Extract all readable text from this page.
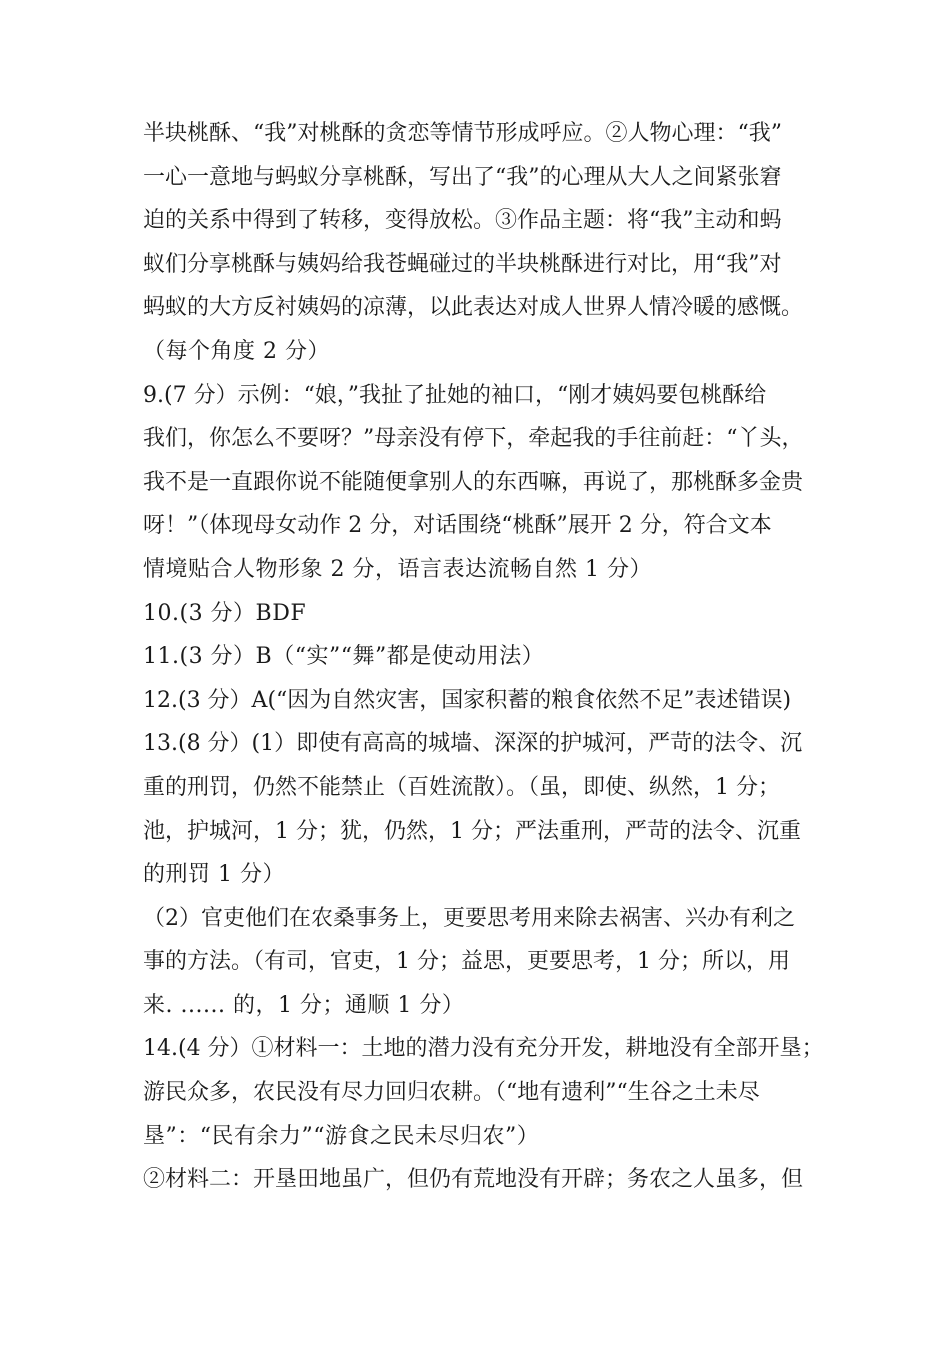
半块桃酥、“我”对桃酥的贪恋等情节形成呼应。②人物心理：“我”
一心一意地与蚂蚁分享桃酥，写出了“我”的心理从大人之间紧张窘
迫的关系中得到了转移，变得放松。③作品主题：将“我”主动和蚂
蚁们分享桃酥与姨妈给我苍蝇碰过的半块桃酥进行对比，用“我”对
蚂蚁的大方反衬姨妈的凉薄，以此表达对成人世界人情冷暖的感慨。
（每个角度 2 分）
9.(7 分）示例：“娘，”我扯了扯她的袖口，“刚才姨妈要包桃酥给
我们，你怎么不要呀？”母亲没有停下，牵起我的手往前赶：“丫头，
我不是一直跟你说不能随便拿别人的东西嘛，再说了，那桃酥多金贵
呀！”（体现母女动作 2 分，对话围绕“桃酥”展开 2 分，符合文本
情境贴合人物形象 2 分，语言表达流畅自然 1 分）
10.(3 分）BDF
11.(3 分）B（“实”“舞”都是使动用法）
12.(3 分）A(“因为自然灾害，国家积蓄的粮食依然不足”表述错误)
13.(8 分）(1）即使有高高的城墙、深深的护城河，严苛的法令、沉
重的刑罚，仍然不能禁止（百姓流散）。（虽，即使、纵然，1 分；
池，护城河，1 分；犹，仍然，1 分；严法重刑，严苛的法令、沉重
的刑罚 1 分）
（2）官吏他们在农桑事务上，更要思考用来除去祸害、兴办有利之
事的方法。（有司，官吏，1 分；益思，更要思考，1 分；所以，用
来. ...... 的，1 分；通顺 1 分）
14.(4 分）①材料一：土地的潜力没有充分开发，耕地没有全部开垦；
游民众多，农民没有尽力回归农耕。（“地有遗利”“生谷之土未尽
垦”：“民有余力”“游食之民未尽归农”）
②材料二：开垦田地虽广，但仍有荒地没有开辟；务农之人虽多，但
